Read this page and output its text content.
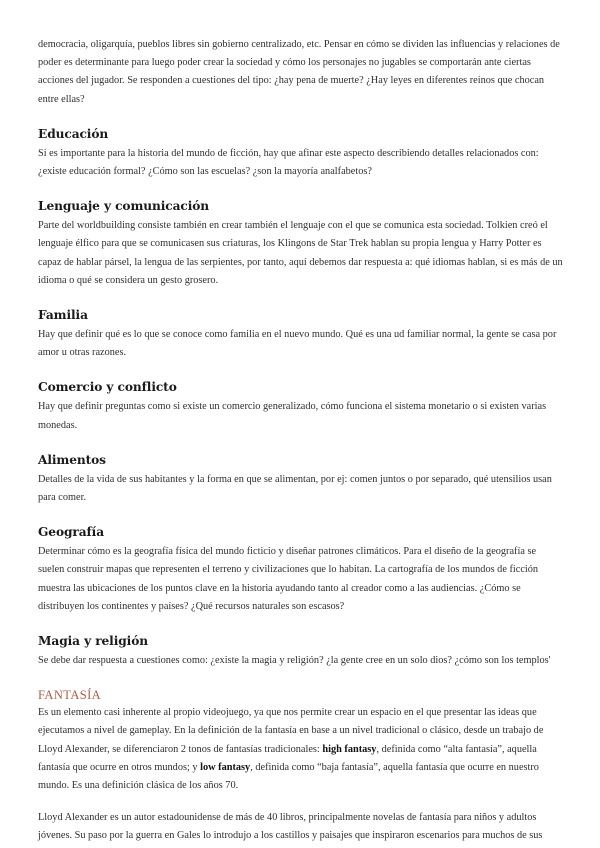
democracia, oligarquía, pueblos libres sin gobierno centralizado, etc. Pensar en cómo se dividen las influencias y relaciones de poder es determinante para luego poder crear la sociedad y cómo los personajes no jugables se comportarán ante ciertas acciones del jugador. Se responden a cuestiones del tipo: ¿hay pena de muerte? ¿Hay leyes en diferentes reinos que chocan entre ellas?

Educación

Si es importante para la historia del mundo de ficción, hay que afinar este aspecto describiendo detalles relacionados con: ¿existe educación formal? ¿Cómo son las escuelas? ¿son la mayoría analfabetos?

Lenguaje y comunicación

Parte del worldbuilding consiste también en crear también el lenguaje con el que se comunica esta sociedad. Tolkien creó el lenguaje élfico para que se comunicasen sus criaturas, los Klingons de Star Trek hablan su propia lengua y Harry Potter es capaz de hablar pársel, la lengua de las serpientes, por tanto, aquí debemos dar respuesta a: qué idiomas hablan, si es más de un idioma o qué se considera un gesto grosero.

Familia

Hay que definir qué es lo que se conoce como familia en el nuevo mundo. Qué es una ud familiar normal, la gente se casa por amor u otras razones.

Comercio y conflicto

Hay que definir preguntas como si existe un comercio generalizado, cómo funciona el sistema monetario o si existen varias monedas.

Alimentos

Detalles de la vida de sus habitantes y la forma en que se alimentan, por ej: comen juntos o por separado, qué utensilios usan para comer.

Geografía

Determinar cómo es la geografía física del mundo ficticio y diseñar patrones climáticos. Para el diseño de la geografía se suelen construir mapas que representen el terreno y civilizaciones que lo habitan. La cartografía de los mundos de ficción muestra las ubicaciones de los puntos clave en la historia ayudando tanto al creador como a las audiencias. ¿Cómo se distribuyen los continentes y países? ¿Qué recursos naturales son escasos?

Magia y religión

Se debe dar respuesta a cuestiones como: ¿existe la magia y religión? ¿la gente cree en un solo dios? ¿cómo son los templos'

FANTASÍA

Es un elemento casi inherente al propio videojuego, ya que nos permite crear un espacio en el que presentar las ideas que ejecutamos a nivel de gameplay. En la definición de la fantasía en base a un nivel tradicional o clásico, desde un trabajo de Lloyd Alexander, se diferenciaron 2 tonos de fantasías tradicionales: high fantasy, definida como “alta fantasía”, aquella fantasía que ocurre en otros mundos; y low fantasy, definida como “baja fantasía”, aquella fantasía que ocurre en nuestro mundo. Es una definición clásica de los años 70.

Lloyd Alexander es un autor estadounidense de más de 40 libros, principalmente novelas de fantasía para niños y adultos jóvenes. Su paso por la guerra en Gales lo introdujo a los castillos y paisajes que inspiraron escenarios para muchos de sus
